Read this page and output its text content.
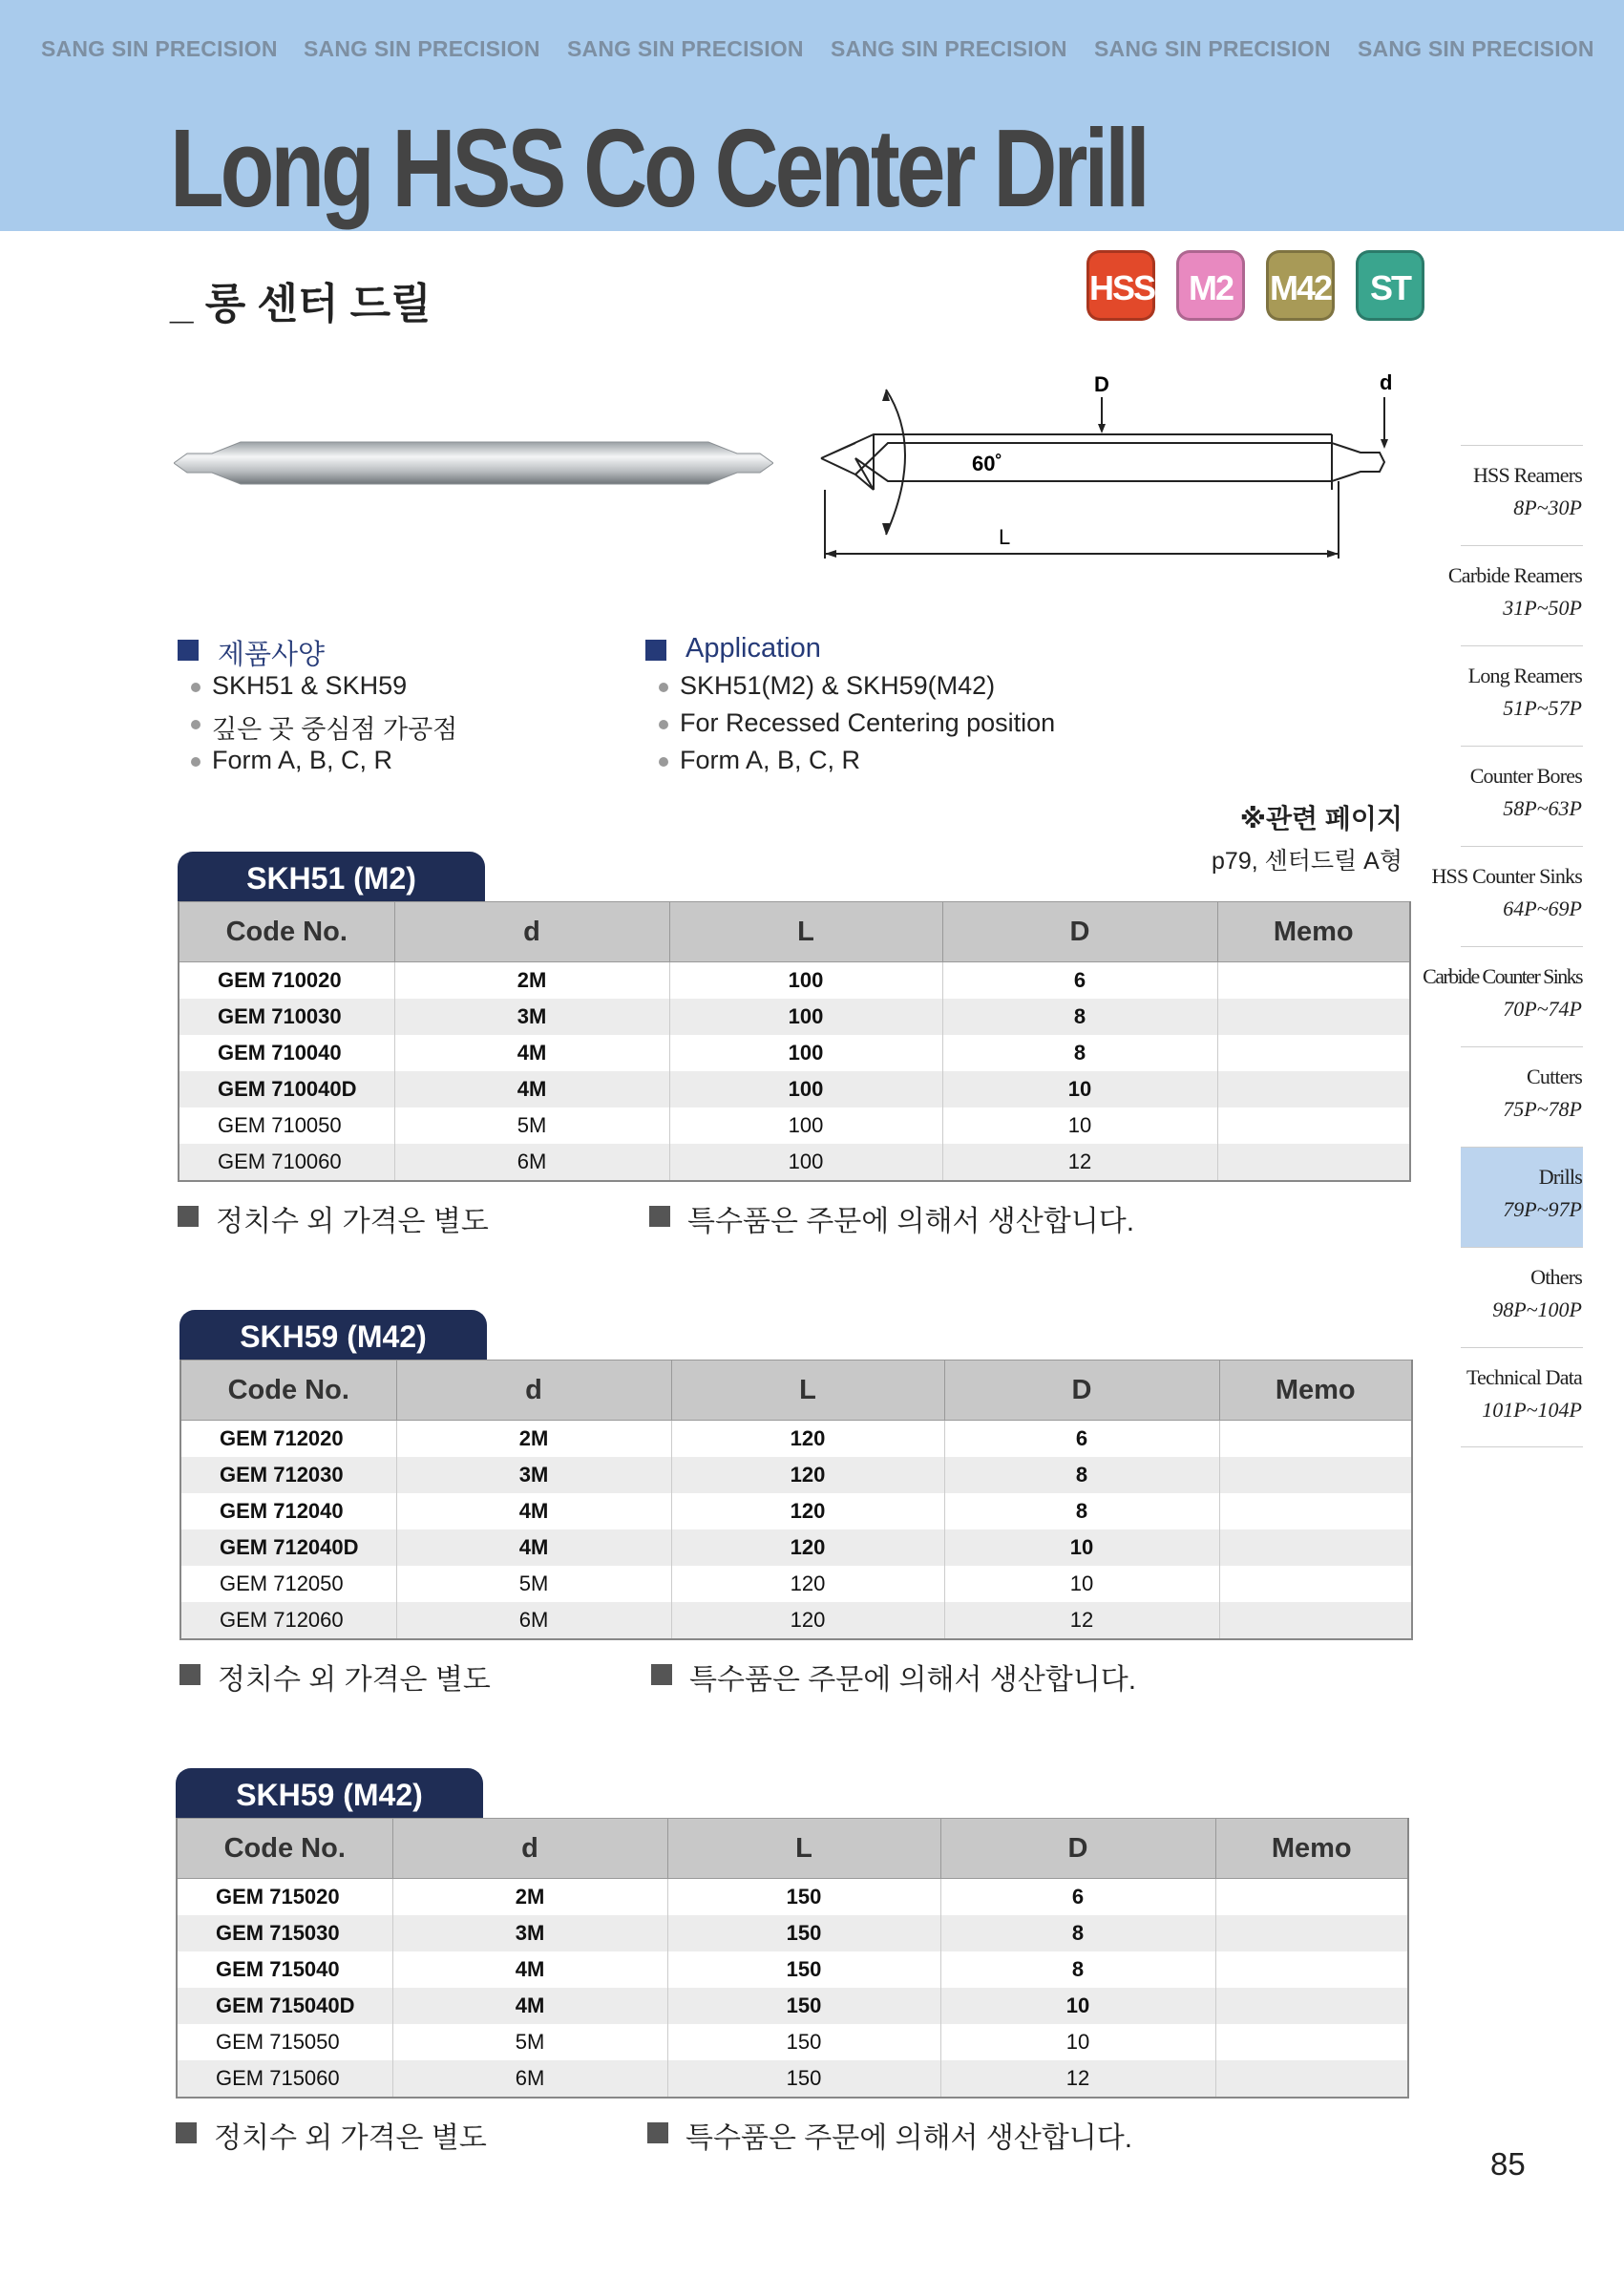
SANG SIN PRECISION SANG SIN PRECISION SANG SIN PRECISION SANG SIN PRECISION SANG SIN PRECISION SANG SIN PRECISION
Long HSS Co Center Drill
_ 롱 센터 드릴	HSS M2	M42	ST
D	d
60˚
L
제품사양
SKH51 & SKH59
깊은 곳 중심점 가공점
Form A, B, C, R
Application
SKH51(M2) & SKH59(M42)
For Recessed Centering position
Form A, B, C, R
※관련 페이지
p79, 센터드릴 A형
SKH51 (M2)
Code No.	d	L	D	Memo
GEM 710020	2M	100	6	
GEM 710030	3M	100	8	
GEM 710040	4M	100	8	
GEM 710040D	4M	100	10	
GEM 710050	5M	100	10	
GEM 710060	6M	100	12	
정치수 외 가격은 별도	특수품은 주문에 의해서 생산합니다.
SKH59 (M42)
Code No.	d	L	D	Memo
GEM 712020	2M	120	6	
GEM 712030	3M	120	8	
GEM 712040	4M	120	8	
GEM 712040D	4M	120	10	
GEM 712050	5M	120	10	
GEM 712060	6M	120	12	
정치수 외 가격은 별도	특수품은 주문에 의해서 생산합니다.
SKH59 (M42)
Code No.	d	L	D	Memo
GEM 715020	2M	150	6	
GEM 715030	3M	150	8	
GEM 715040	4M	150	8	
GEM 715040D	4M	150	10	
GEM 715050	5M	150	10	
GEM 715060	6M	150	12	
정치수 외 가격은 별도	특수품은 주문에 의해서 생산합니다.
HSS Reamers
8P~30P
Carbide Reamers
31P~50P
Long Reamers
51P~57P
Counter Bores
58P~63P
HSS Counter Sinks
64P~69P
Carbide Counter Sinks
70P~74P
Cutters
75P~78P
Drills
79P~97P
Others
98P~100P
Technical Data
101P~104P
85
